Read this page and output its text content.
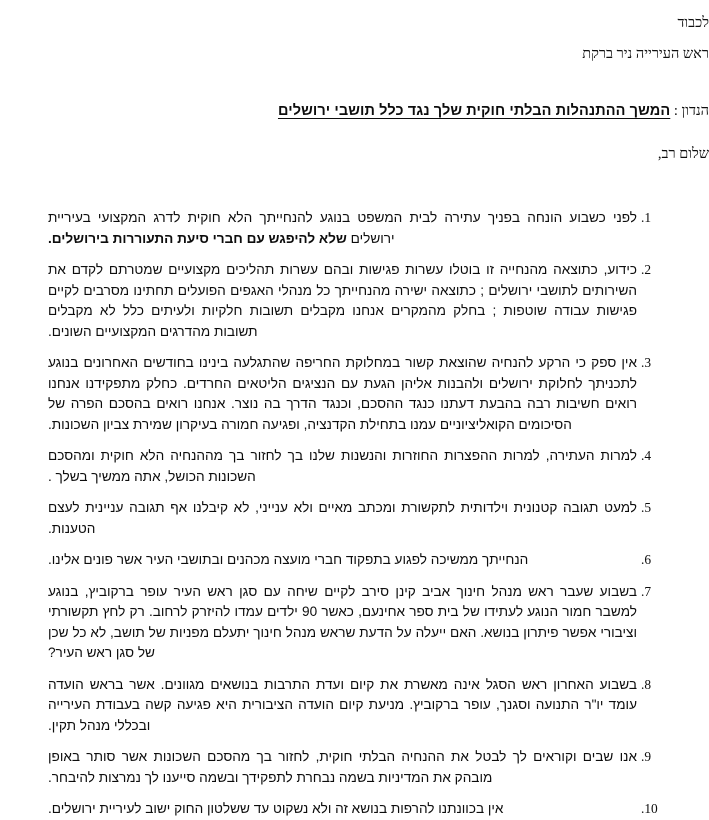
לכבוד
ראש העירייה ניר ברקת
הנדון : המשך ההתנהלות הבלתי חוקית שלך נגד כלל תושבי ירושלים
שלום רב,
.1
לפני כשבוע הונחה בפניך עתירה לבית המשפט בנוגע להנחייתך הלא חוקית לדרג המקצועי בעיריית ירושלים שלא להיפגש עם חברי סיעת התעוררות בירושלים.
.2
כידוע, כתוצאה מהנחייה זו בוטלו עשרות פגישות ובהם עשרות תהליכים מקצועיים שמטרתם לקדם את השירותים לתושבי ירושלים ; כתוצאה ישירה מהנחייתך כל מנהלי האגפים הפועלים תחתינו מסרבים לקיים פגישות עבודה שוטפות ; בחלק מהמקרים אנחנו מקבלים תשובות חלקיות ולעיתים כלל לא מקבלים תשובות מהדרגים המקצועיים השונים.
.3
אין ספק כי הרקע להנחיה שהוצאת קשור במחלוקת החריפה שהתגלעה בינינו בחודשים האחרונים בנוגע לתכניתך לחלוקת ירושלים ולהבנות אליהן הגעת עם הנציגים הליטאים החרדים. כחלק מתפקידנו אנחנו רואים חשיבות רבה בהבעת דעתנו כנגד ההסכם, וכנגד הדרך בה נוצר. אנחנו רואים בהסכם הפרה של הסיכומים הקואליציוניים עמנו בתחילת הקדנציה, ופגיעה חמורה בעיקרון שמירת צביון השכונות.
.4
למרות העתירה, למרות ההפצרות החוזרות והנשנות שלנו בך לחזור בך מההנחיה הלא חוקית ומהסכם השכונות הכושל, אתה ממשיך בשלך .
.5
למעט תגובה קטנונית וילדותית לתקשורת ומכתב מאיים ולא ענייני, לא קיבלנו אף תגובה עניינית לעצם הטענות.
.6
הנחייתך ממשיכה לפגוע בתפקוד חברי מועצה מכהנים ובתושבי העיר אשר פונים אלינו.
.7
בשבוע שעבר ראש מנהל חינוך אביב קינן סירב לקיים שיחה עם סגן ראש העיר עופר ברקוביץ, בנוגע למשבר חמור הנוגע לעתידו של בית ספר אחינעם, כאשר 90 ילדים עמדו להיזרק לרחוב. רק לחץ תקשורתי וציבורי אפשר פיתרון בנושא. האם ייעלה על הדעת שראש מנהל חינוך יתעלם מפניות של תושב, לא כל שכן של סגן ראש העיר?
.8
בשבוע האחרון ראש הסגל אינה מאשרת את קיום ועדת התרבות בנושאים מגוונים. אשר בראש הועדה עומד יו"ר התנועה וסגנך, עופר ברקוביץ. מניעת קיום הועדה הציבורית היא פגיעה קשה בעבודת העירייה ובכללי מנהל תקין.
.9
אנו שבים וקוראים לך לבטל את ההנחיה הבלתי חוקית, לחזור בך מהסכם השכונות אשר סותר באופן מובהק את המדיניות בשמה נבחרת לתפקידך ובשמה סייענו לך נמרצות להיבחר.
.10
אין בכוונתנו להרפות בנושא זה ולא נשקוט עד ששלטון החוק ישוב לעיריית ירושלים.
